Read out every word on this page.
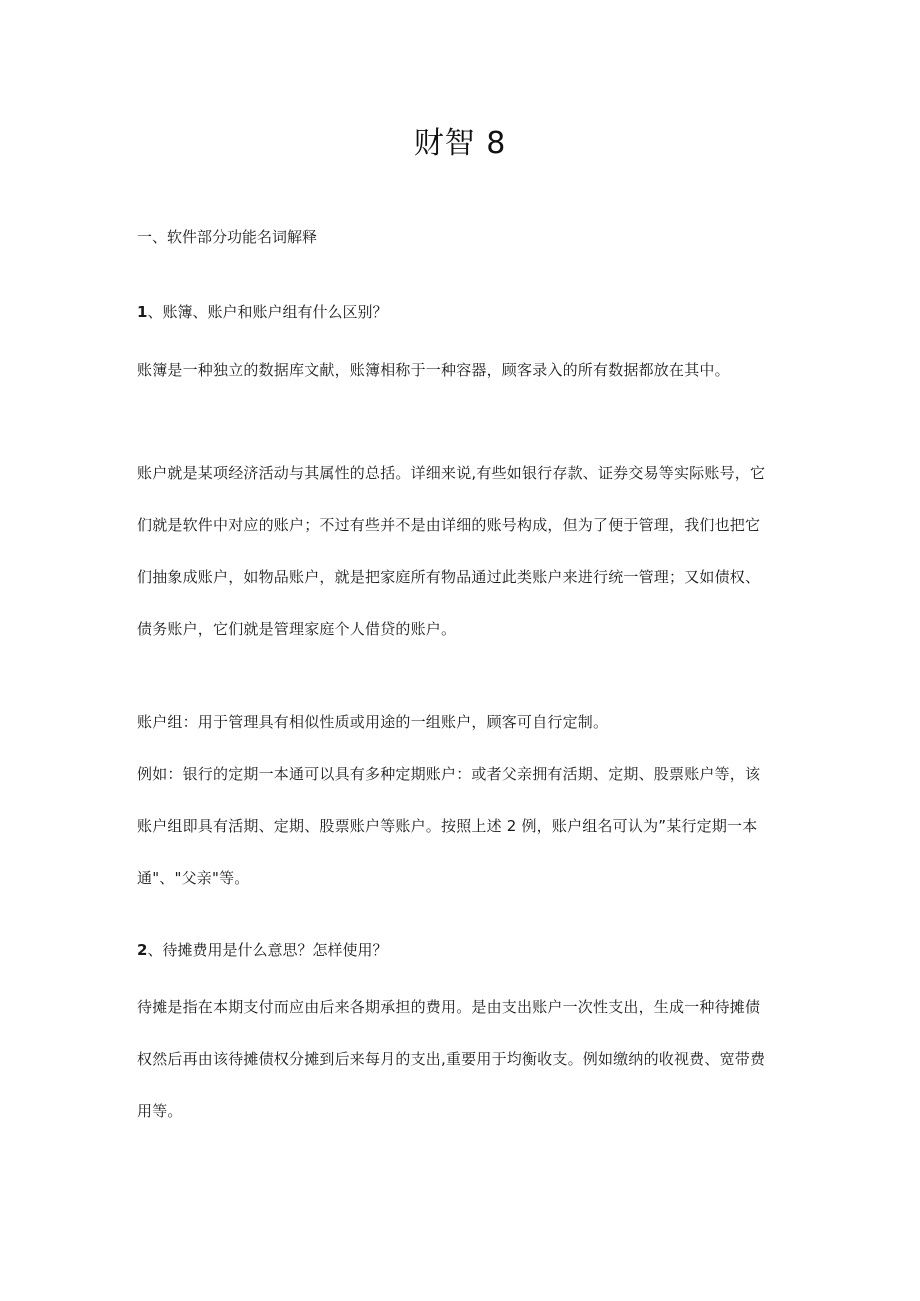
财智 8
一、软件部分功能名词解释

1、账簿、账户和账户组有什么区别？

账簿是一种独立的数据库文献，账簿相称于一种容器，顾客录入的所有数据都放在其中。
账户就是某项经济活动与其属性的总括。详细来说,有些如银行存款、证券交易等实际账号，它
们就是软件中对应的账户；不过有些并不是由详细的账号构成，但为了便于管理，我们也把它
们抽象成账户，如物品账户，就是把家庭所有物品通过此类账户来进行统一管理；又如债权、
债务账户，它们就是管理家庭个人借贷的账户。
账户组：用于管理具有相似性质或用途的一组账户，顾客可自行定制。
例如：银行的定期一本通可以具有多种定期账户：或者父亲拥有活期、定期、股票账户等，该
账户组即具有活期、定期、股票账户等账户。按照上述 2 例，账户组名可认为”某行定期一本
通"、"父亲"等。

2、待摊费用是什么意思？怎样使用？

待摊是指在本期支付而应由后来各期承担的费用。是由支出账户一次性支出，生成一种待摊债
权然后再由该待摊债权分摊到后来每月的支出,重要用于均衡收支。例如缴纳的收视费、宽带费
用等。
